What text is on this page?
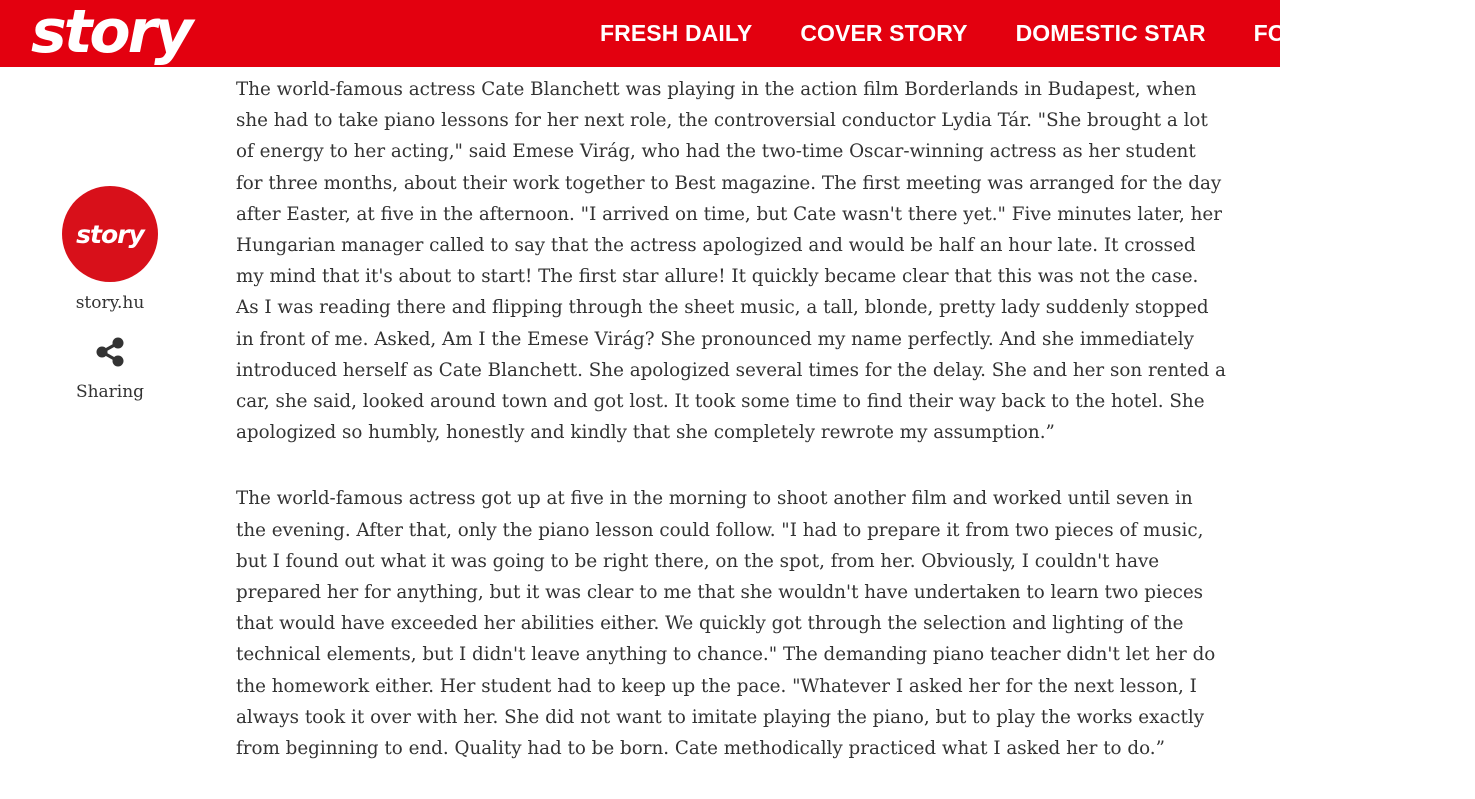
story	FRESH DAILY COVER STORY DOMESTIC STAR FOREIGN STAR
story
story.hu
Sharing

The world-famous actress Cate Blanchett was playing in the action film Borderlands in Budapest, when she had to take piano lessons for her next role, the controversial conductor Lydia Tár. "She brought a lot of energy to her acting," said Emese Virág, who had the two-time Oscar-winning actress as her student for three months, about their work together to Best magazine. The first meeting was arranged for the day after Easter, at five in the afternoon. "I arrived on time, but Cate wasn't there yet." Five minutes later, her Hungarian manager called to say that the actress apologized and would be half an hour late. It crossed my mind that it's about to start! The first star allure! It quickly became clear that this was not the case. As I was reading there and flipping through the sheet music, a tall, blonde, pretty lady suddenly stopped in front of me. Asked, Am I the Emese Virág? She pronounced my name perfectly. And she immediately introduced herself as Cate Blanchett. She apologized several times for the delay. She and her son rented a car, she said, looked around town and got lost. It took some time to find their way back to the hotel. She apologized so humbly, honestly and kindly that she completely rewrote my assumption.”

The world-famous actress got up at five in the morning to shoot another film and worked until seven in the evening. After that, only the piano lesson could follow. "I had to prepare it from two pieces of music, but I found out what it was going to be right there, on the spot, from her. Obviously, I couldn't have prepared her for anything, but it was clear to me that she wouldn't have undertaken to learn two pieces that would have exceeded her abilities either. We quickly got through the selection and lighting of the technical elements, but I didn't leave anything to chance." The demanding piano teacher didn't let her do the homework either. Her student had to keep up the pace. "Whatever I asked her for the next lesson, I always took it over with her. She did not want to imitate playing the piano, but to play the works exactly from beginning to end. Quality had to be born. Cate methodically practiced what I asked her to do.”
